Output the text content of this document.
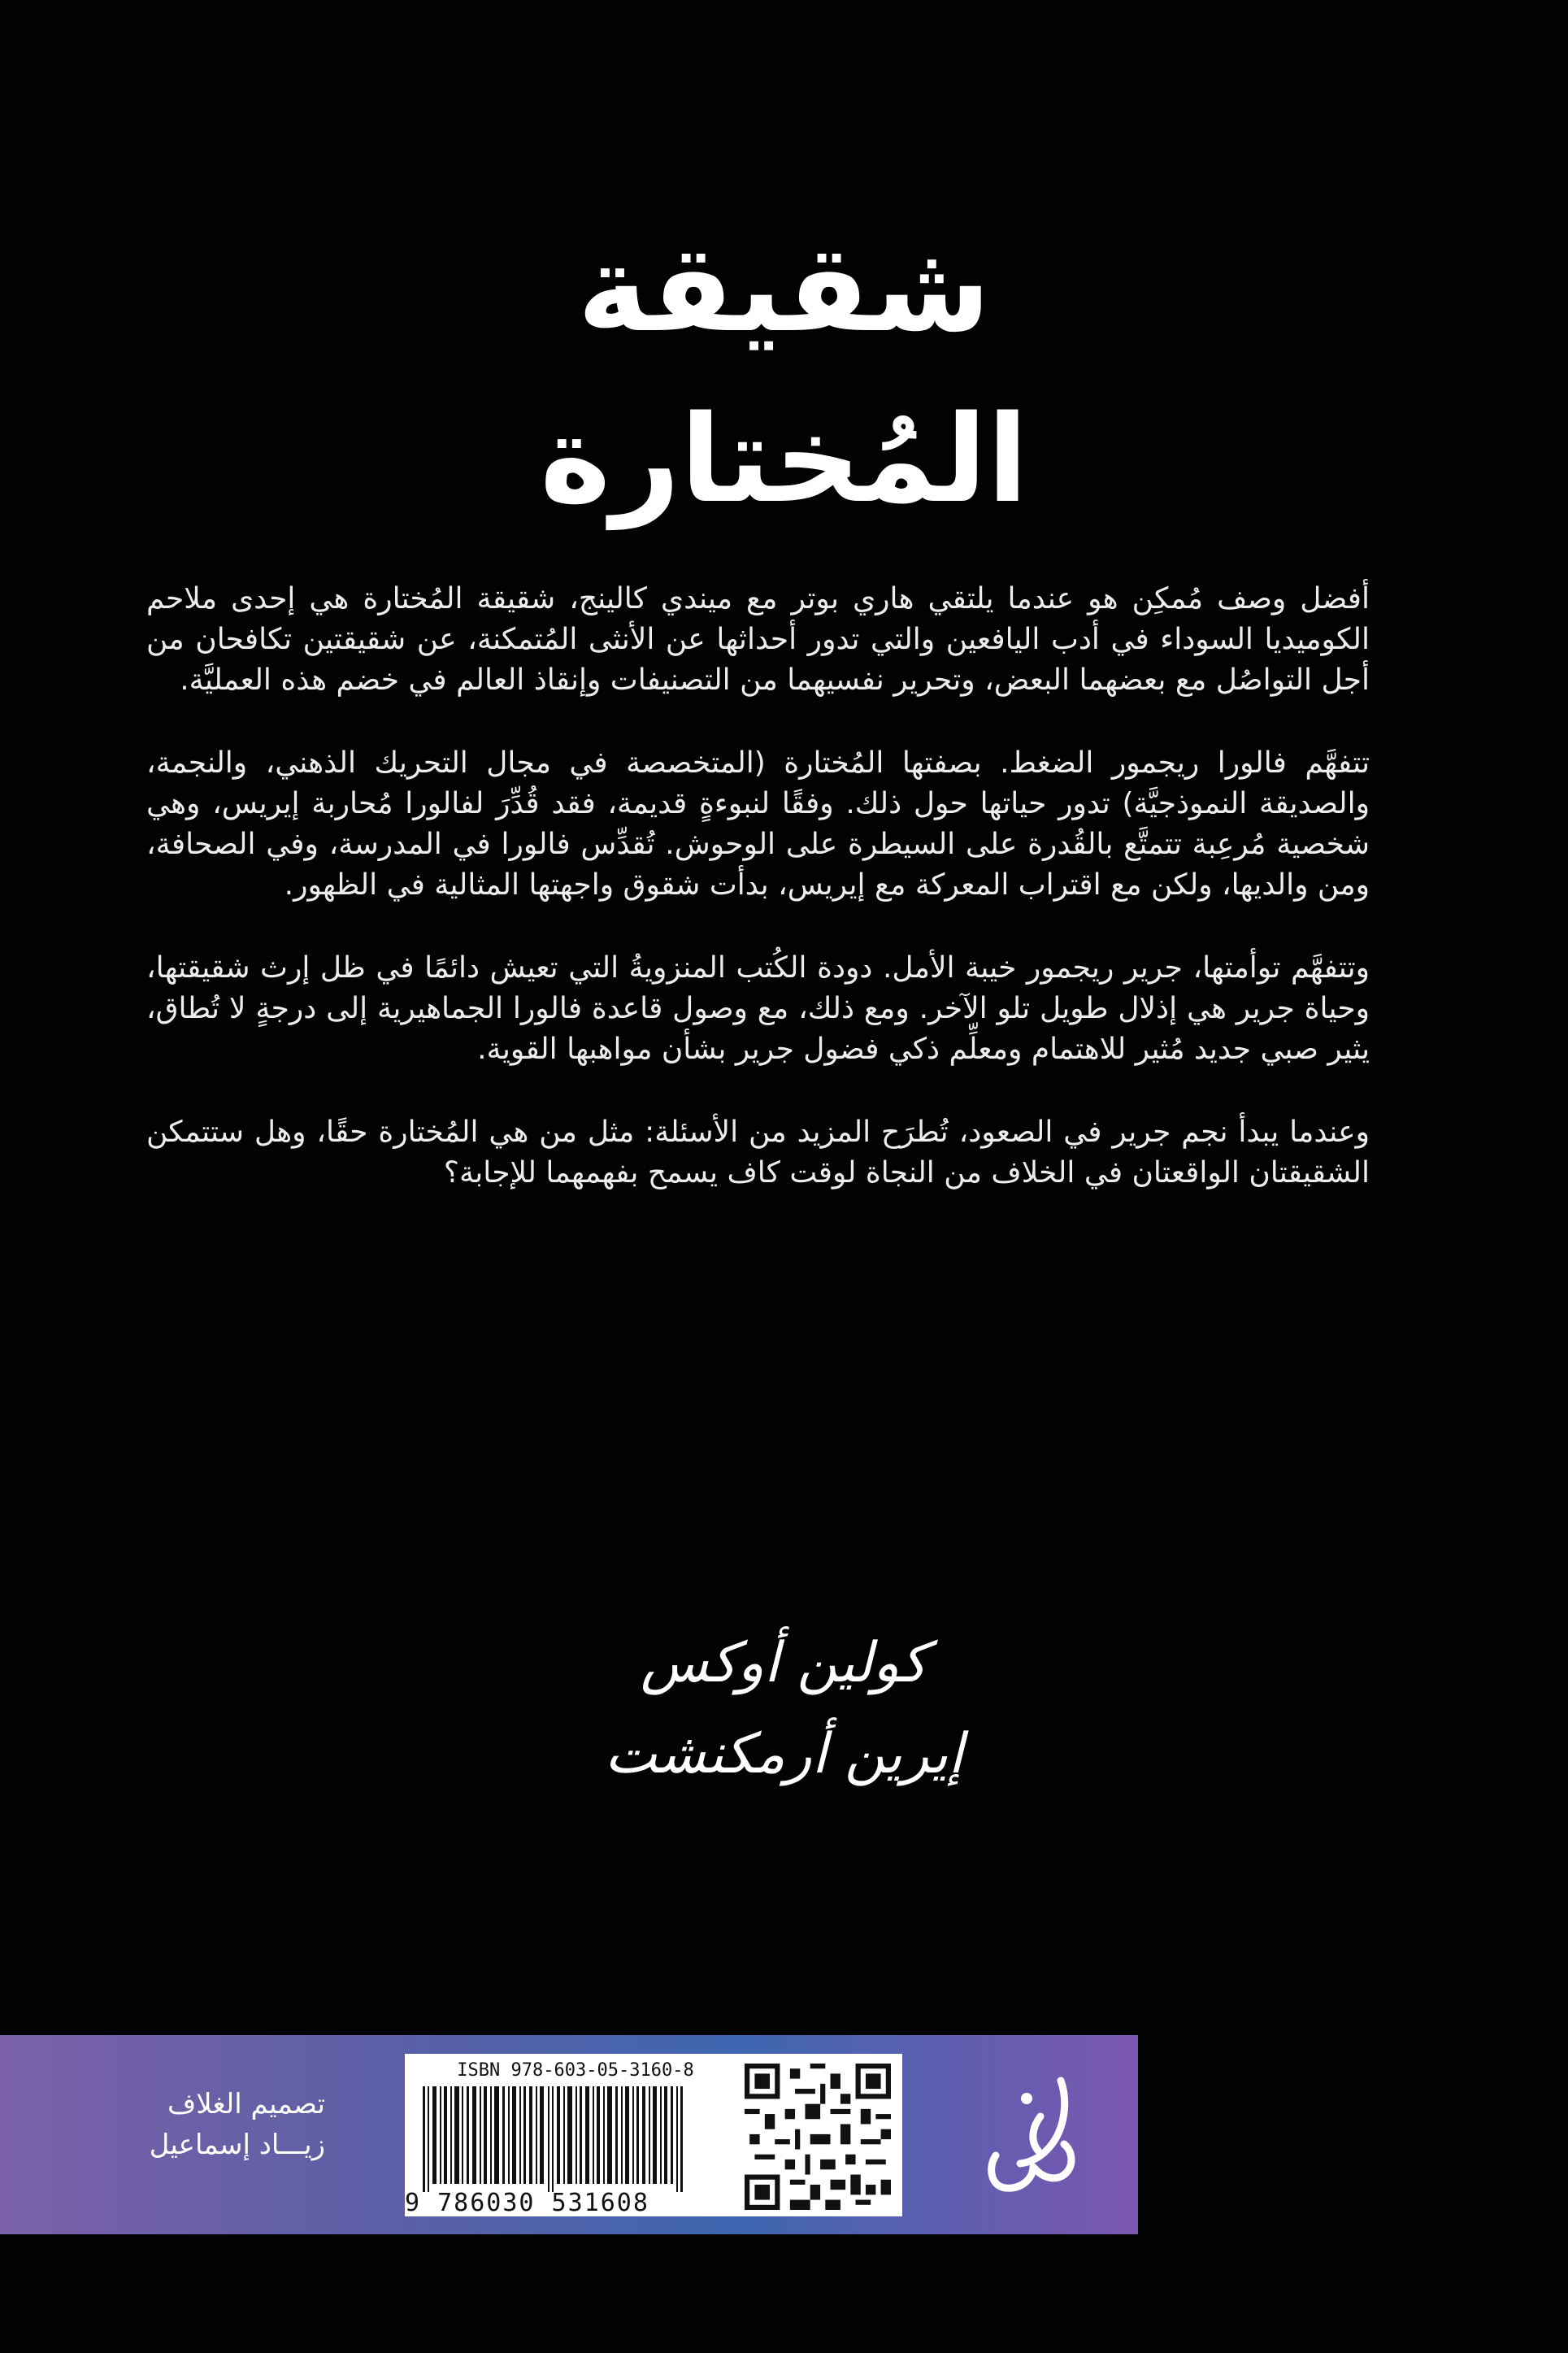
شقيقة
المُختارة

أفضل وصف مُمكِن هو عندما يلتقي هاري بوتر مع ميندي كالينج، شقيقة المُختارة هي إحدى ملاحم الكوميديا السوداء في أدب اليافعين والتي تدور أحداثها عن الأنثى المُتمكنة، عن شقيقتين تكافحان من أجل التواصُل مع بعضهما البعض، وتحرير نفسيهما من التصنيفات وإنقاذ العالم في خضم هذه العمليَّة.

تتفهَّم فالورا ريجمور الضغط. بصفتها المُختارة (المتخصصة في مجال التحريك الذهني، والنجمة، والصديقة النموذجيَّة) تدور حياتها حول ذلك. وفقًا لنبوءةٍ قديمة، فقد قُدِّرَ لفالورا مُحاربة إيريس، وهي شخصية مُرعِبة تتمتَّع بالقُدرة على السيطرة على الوحوش. تُقدِّس فالورا في المدرسة، وفي الصحافة، ومن والديها، ولكن مع اقتراب المعركة مع إيريس، بدأت شقوق واجهتها المثالية في الظهور.

وتتفهَّم توأمتها، جرير ريجمور خيبة الأمل. دودة الكُتب المنزويةُ التي تعيش دائمًا في ظل إرث شقيقتها، وحياة جرير هي إذلال طويل تلو الآخر. ومع ذلك، مع وصول قاعدة فالورا الجماهيرية إلى درجةٍ لا تُطاق، يثير صبي جديد مُثير للاهتمام ومعلِّم ذكي فضول جرير بشأن مواهبها القوية.

وعندما يبدأ نجم جرير في الصعود، تُطرَح المزيد من الأسئلة: مثل من هي المُختارة حقًا، وهل ستتمكن الشقيقتان الواقعتان في الخلاف من النجاة لوقت كاف يسمح بفهمهما للإجابة؟

كولين أوكس
إيرين أرمكنشت
تصميم الغلاف
زيـــاد إسماعيل
ISBN 978-603-05-3160-8
9 786030 531608
